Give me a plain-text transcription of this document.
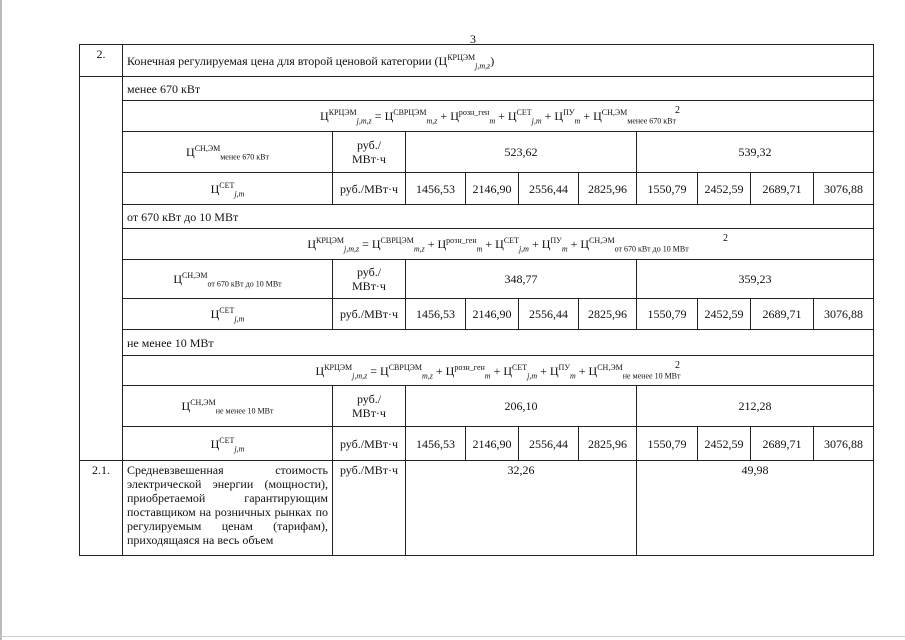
3
2.	Конечная регулируемая цена для второй ценовой категории $(Ц^{КРЦЭМ}_{j,m,z})$									
	менее 670 кВт									
	$Ц^{КРЦЭМ}_{j,m,z} = Ц^{СВРЦЭМ}_{m,z} + Ц^{розн\_ген}_m + Ц^{СЕТ}_{j,m} + Ц^{ПУ}_m + Ц^{СН,ЭМ}_{менее 670 кВт}$
2									

	$Ц^{СН,ЭМ}_{менее 670 кВт}$	руб./
МВт·ч	523,62				539,32			
	$Ц^{СЕТ}_{j,m}$	руб./МВт·ч	1456,53	2146,90	2556,44	2825,96	1550,79	2452,59	2689,71	3076,88
	от 670 кВт до 10 МВт									
	$Ц^{КРЦЭМ}_{j,m,z} = Ц^{СВРЦЭМ}_{m,z} + Ц^{розн\_ген}_m + Ц^{СЕТ}_{j,m} + Ц^{ПУ}_m + Ц^{СН,ЭМ}_{от 670 кВт до 10 МВт}$
2									

	$Ц^{СН,ЭМ}_{от 670 кВт до 10 МВт}$	руб./
МВт·ч	348,77				359,23			
	$Ц^{СЕТ}_{j,m}$	руб./МВт·ч	1456,53	2146,90	2556,44	2825,96	1550,79	2452,59	2689,71	3076,88
	не менее 10 МВт									
	$Ц^{КРЦЭМ}_{j,m,z} = Ц^{СВРЦЭМ}_{m,z} + Ц^{розн\_ген}_m + Ц^{СЕТ}_{j,m} + Ц^{ПУ}_m + Ц^{СН,ЭМ}_{не менее 10 МВт}$
2									

	$Ц^{СН,ЭМ}_{не менее 10 МВт}$	руб./
МВт·ч	206,10				212,28			
	$Ц^{СЕТ}_{j,m}$	руб./МВт·ч	1456,53	2146,90	2556,44	2825,96	1550,79	2452,59	2689,71	3076,88
2.1.	Средневзвешенная стоимость электрической энергии (мощности), приобретаемой гарантирующим поставщиком на розничных рынках по регулируемым ценам (тарифам), приходящаяся на весь объем	руб./МВт·ч	32,26				49,98			
